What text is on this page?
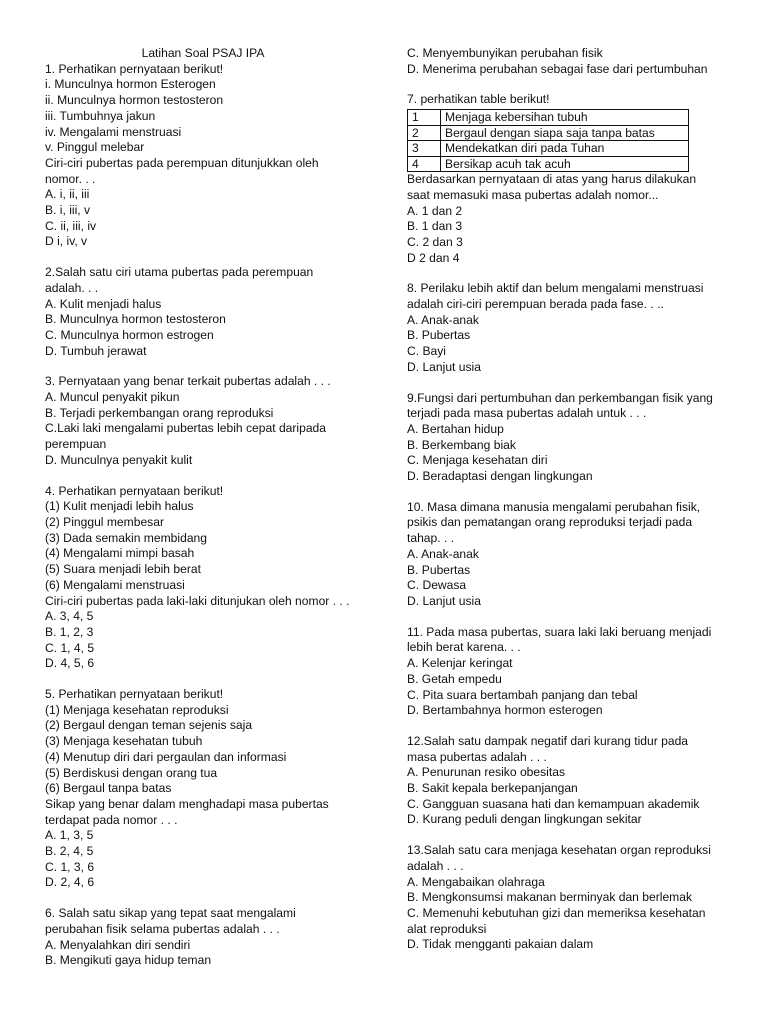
Latihan Soal PSAJ IPA
1. Perhatikan pernyataan berikut!
i. Munculnya hormon Esterogen
ii. Munculnya hormon testosteron
iii. Tumbuhnya jakun
iv. Mengalami menstruasi
v. Pinggul melebar
Ciri-ciri pubertas pada perempuan ditunjukkan oleh
nomor. . .
A. i, ii, iii
B. i, iii, v
C. ii, iii, iv
D i, iv, v
2.Salah satu ciri utama pubertas pada perempuan
adalah. . .
A. Kulit menjadi halus
B. Munculnya hormon testosteron
C. Munculnya hormon estrogen
D. Tumbuh jerawat
3. Pernyataan yang benar terkait pubertas adalah . . .
A. Muncul penyakit pikun
B. Terjadi perkembangan orang reproduksi
C.Laki laki mengalami pubertas lebih cepat daripada
perempuan
D. Munculnya penyakit kulit
4. Perhatikan pernyataan berikut!
(1) Kulit menjadi lebih halus
(2) Pinggul membesar
(3) Dada semakin membidang
(4) Mengalami mimpi basah
(5) Suara menjadi lebih berat
(6) Mengalami menstruasi
Ciri-ciri pubertas pada laki-laki ditunjukan oleh nomor . . .
A. 3, 4, 5
B. 1, 2, 3
C. 1, 4, 5
D. 4, 5, 6
5. Perhatikan pernyataan berikut!
(1) Menjaga kesehatan reproduksi
(2) Bergaul dengan teman sejenis saja
(3) Menjaga kesehatan tubuh
(4) Menutup diri dari pergaulan dan informasi
(5) Berdiskusi dengan orang tua
(6) Bergaul tanpa batas
Sikap yang benar dalam menghadapi masa pubertas
terdapat pada nomor . . .
A. 1, 3, 5
B. 2, 4, 5
C. 1, 3, 6
D. 2, 4, 6
6. Salah satu sikap yang tepat saat mengalami
perubahan fisik selama pubertas adalah . . .
A. Menyalahkan diri sendiri
B. Mengikuti gaya hidup teman
C. Menyembunyikan perubahan fisik
D. Menerima perubahan sebagai fase dari pertumbuhan
7. perhatikan table berikut!
1	Menjaga kebersihan tubuh
2	Bergaul dengan siapa saja tanpa batas
3	Mendekatkan diri pada Tuhan
4	Bersikap acuh tak acuh
Berdasarkan pernyataan di atas yang harus dilakukan
saat memasuki masa pubertas adalah nomor...
A. 1 dan 2
B. 1 dan 3
C. 2 dan 3
D 2 dan 4
8. Perilaku lebih aktif dan belum mengalami menstruasi
adalah ciri-ciri perempuan berada pada fase. . ..
A. Anak-anak
B. Pubertas
C. Bayi
D. Lanjut usia
9.Fungsi dari pertumbuhan dan perkembangan fisik yang
terjadi pada masa pubertas adalah untuk . . .
A. Bertahan hidup
B. Berkembang biak
C. Menjaga kesehatan diri
D. Beradaptasi dengan lingkungan
10. Masa dimana manusia mengalami perubahan fisik,
psikis dan pematangan orang reproduksi terjadi pada
tahap. . .
A. Anak-anak
B. Pubertas
C. Dewasa
D. Lanjut usia
11. Pada masa pubertas, suara laki laki beruang menjadi
lebih berat karena. . .
A. Kelenjar keringat
B. Getah empedu
C. Pita suara bertambah panjang dan tebal
D. Bertambahnya hormon esterogen
12.Salah satu dampak negatif dari kurang tidur pada
masa pubertas adalah . . .
A. Penurunan resiko obesitas
B. Sakit kepala berkepanjangan
C. Gangguan suasana hati dan kemampuan akademik
D. Kurang peduli dengan lingkungan sekitar
13.Salah satu cara menjaga kesehatan organ reproduksi
adalah . . .
A. Mengabaikan olahraga
B. Mengkonsumsi makanan berminyak dan berlemak
C. Memenuhi kebutuhan gizi dan memeriksa kesehatan
alat reproduksi
D. Tidak mengganti pakaian dalam
